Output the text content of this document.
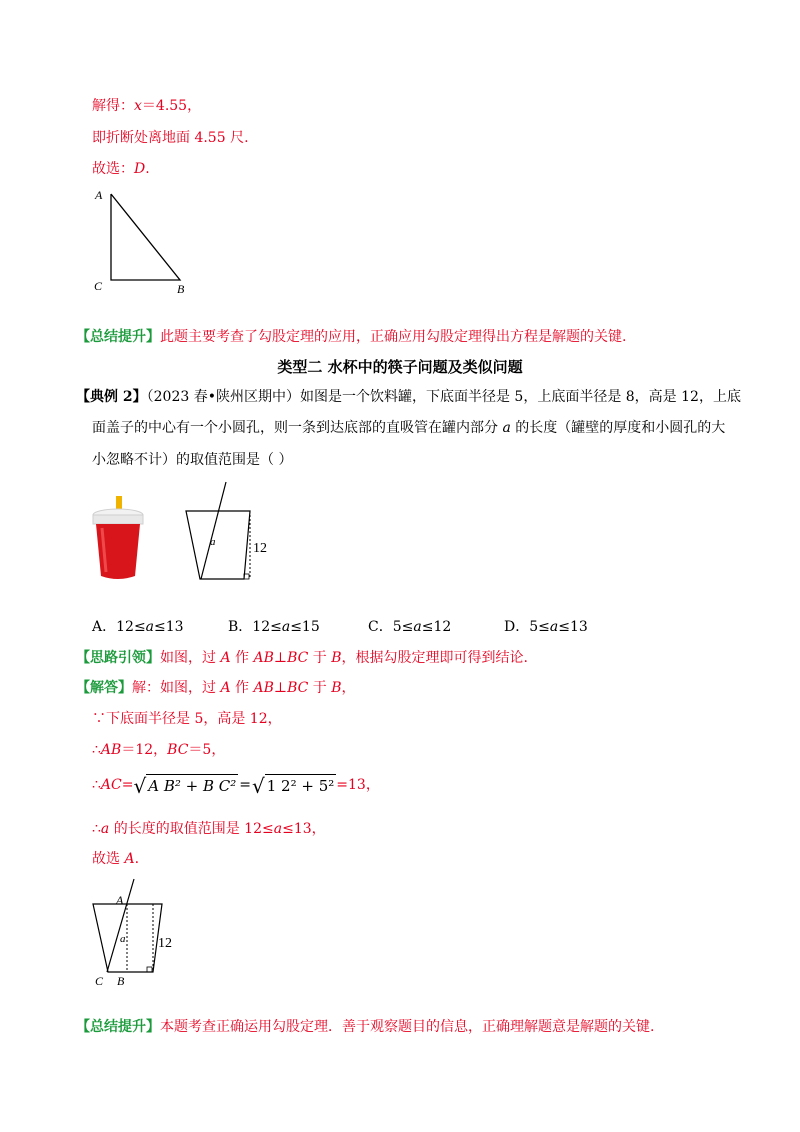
解得：x＝4.55，
即折断处离地面 4.55 尺.
故选：D.
A
C	B
【总结提升】此题主要考查了勾股定理的应用，正确应用勾股定理得出方程是解题的关键.
类型二 水杯中的筷子问题及类似问题
【典例 2】（2023 春•陕州区期中）如图是一个饮料罐，下底面半径是 5，上底面半径是 8，高是 12，上底
面盖子的中心有一个小圆孔，则一条到达底部的直吸管在罐内部分 a 的长度（罐壁的厚度和小圆孔的大
小忽略不计）的取值范围是（ ）
a	12
A．12≤a≤13	B．12≤a≤15	C．5≤a≤12	D．5≤a≤13
【思路引领】如图，过 A 作 AB⊥BC 于 B，根据勾股定理即可得到结论.
【解答】解：如图，过 A 作 AB⊥BC 于 B，
∵下底面半径是 5，高是 12，
∴AB＝12，BC＝5，
∴ AC = √ A B² + B C² = √ 1 2² + 5² =13，
∴a 的长度的取值范围是 12≤a≤13，
故选 A.
A
a 12
C B
【总结提升】本题考查正确运用勾股定理．善于观察题目的信息，正确理解题意是解题的关键.
